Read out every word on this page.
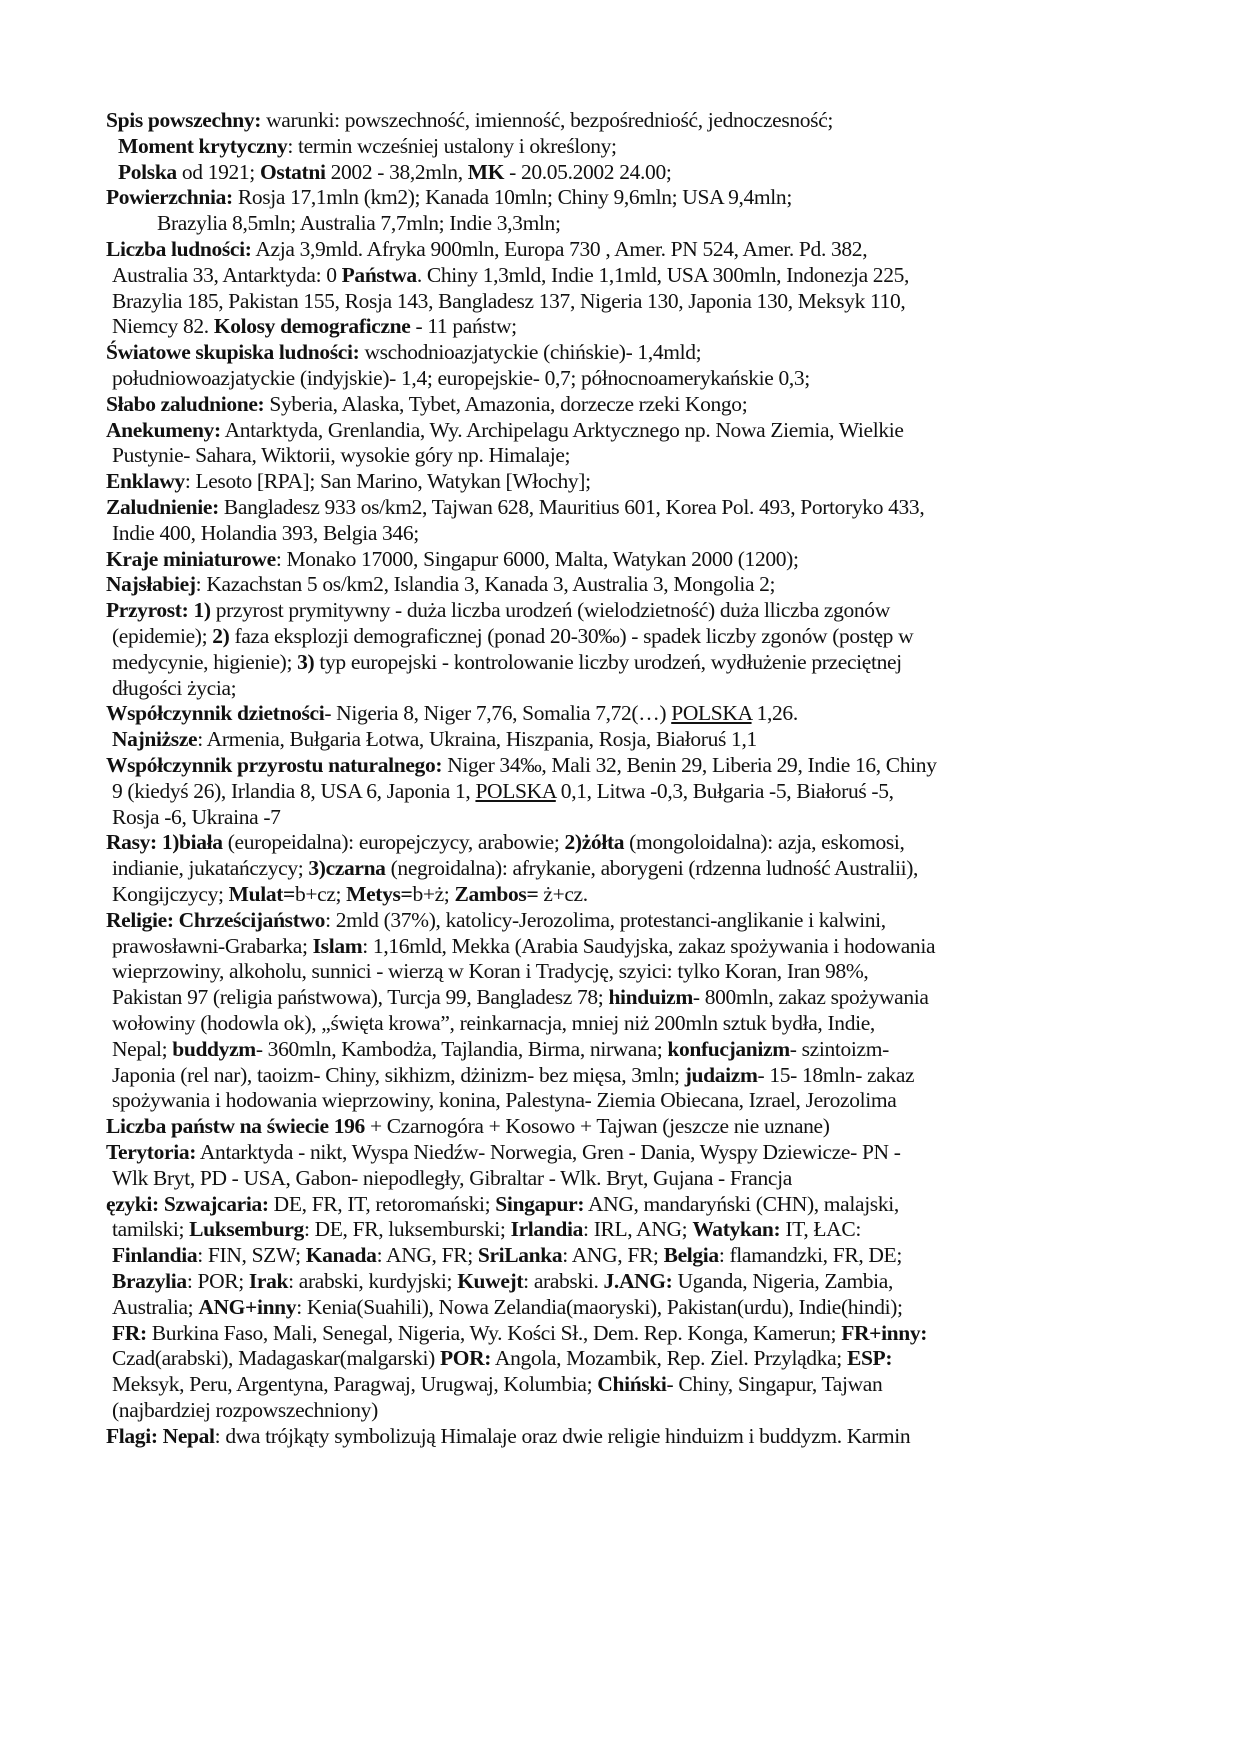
Spis powszechny: warunki: powszechność, imienność, bezpośredniość, jednoczesność;
Moment krytyczny: termin wcześniej ustalony i określony;
Polska od 1921; Ostatni 2002 - 38,2mln, MK - 20.05.2002 24.00;
Powierzchnia: Rosja 17,1mln (km2); Kanada 10mln; Chiny 9,6mln; USA 9,4mln;
Brazylia 8,5mln; Australia 7,7mln; Indie 3,3mln;
Liczba ludności: Azja 3,9mld. Afryka 900mln, Europa 730 , Amer. PN 524, Amer. Pd. 382,
Australia 33, Antarktyda: 0 Państwa. Chiny 1,3mld, Indie 1,1mld, USA 300mln, Indonezja 225,
Brazylia 185, Pakistan 155, Rosja 143, Bangladesz 137, Nigeria 130, Japonia 130, Meksyk 110,
Niemcy 82. Kolosy demograficzne - 11 państw;
Światowe skupiska ludności: wschodnioazjatyckie (chińskie)- 1,4mld;
południowoazjatyckie (indyjskie)- 1,4; europejskie- 0,7; północnoamerykańskie 0,3;
Słabo zaludnione: Syberia, Alaska, Tybet, Amazonia, dorzecze rzeki Kongo;
Anekumeny: Antarktyda, Grenlandia, Wy. Archipelagu Arktycznego np. Nowa Ziemia, Wielkie
Pustynie- Sahara, Wiktorii, wysokie góry np. Himalaje;
Enklawy: Lesoto [RPA]; San Marino, Watykan [Włochy];
Zaludnienie: Bangladesz 933 os/km2, Tajwan 628, Mauritius 601, Korea Pol. 493, Portoryko 433,
Indie 400, Holandia 393, Belgia 346;
Kraje miniaturowe: Monako 17000, Singapur 6000, Malta, Watykan 2000 (1200);
Najsłabiej: Kazachstan 5 os/km2, Islandia 3, Kanada 3, Australia 3, Mongolia 2;
Przyrost: 1) przyrost prymitywny - duża liczba urodzeń (wielodzietność) duża lliczba zgonów
(epidemie); 2) faza eksplozji demograficznej (ponad 20-30‰) - spadek liczby zgonów (postęp w
medycynie, higienie); 3) typ europejski - kontrolowanie liczby urodzeń, wydłużenie przeciętnej
długości życia;
Współczynnik dzietności- Nigeria 8, Niger 7,76, Somalia 7,72(…) POLSKA 1,26.
Najniższe: Armenia, Bułgaria Łotwa, Ukraina, Hiszpania, Rosja, Białoruś 1,1
Współczynnik przyrostu naturalnego: Niger 34‰, Mali 32, Benin 29, Liberia 29, Indie 16, Chiny
9 (kiedyś 26), Irlandia 8, USA 6, Japonia 1, POLSKA 0,1, Litwa -0,3, Bułgaria -5, Białoruś -5,
Rosja -6, Ukraina -7
Rasy: 1)biała (europeidalna): europejczycy, arabowie; 2)żółta (mongoloidalna): azja, eskomosi,
indianie, jukatańczycy; 3)czarna (negroidalna): afrykanie, aborygeni (rdzenna ludność Australii),
Kongijczycy; Mulat=b+cz; Metys=b+ż; Zambos= ż+cz.
Religie: Chrześcijaństwo: 2mld (37%), katolicy-Jerozolima, protestanci-anglikanie i kalwini,
prawosławni-Grabarka; Islam: 1,16mld, Mekka (Arabia Saudyjska, zakaz spożywania i hodowania
wieprzowiny, alkoholu, sunnici - wierzą w Koran i Tradycję, szyici: tylko Koran, Iran 98%,
Pakistan 97 (religia państwowa), Turcja 99, Bangladesz 78; hinduizm- 800mln, zakaz spożywania
wołowiny (hodowla ok), „święta krowa”, reinkarnacja, mniej niż 200mln sztuk bydła, Indie,
Nepal; buddyzm- 360mln, Kambodża, Tajlandia, Birma, nirwana; konfucjanizm- szintoizm-
Japonia (rel nar), taoizm- Chiny, sikhizm, dżinizm- bez mięsa, 3mln; judaizm- 15- 18mln- zakaz
spożywania i hodowania wieprzowiny, konina, Palestyna- Ziemia Obiecana, Izrael, Jerozolima
Liczba państw na świecie 196 + Czarnogóra + Kosowo + Tajwan (jeszcze nie uznane)
Terytoria: Antarktyda - nikt, Wyspa Niedźw- Norwegia, Gren - Dania, Wyspy Dziewicze- PN -
Wlk Bryt, PD - USA, Gabon- niepodległy, Gibraltar - Wlk. Bryt, Gujana - Francja
ęzyki: Szwajcaria: DE, FR, IT, retoromański; Singapur: ANG, mandaryński (CHN), malajski,
tamilski; Luksemburg: DE, FR, luksemburski; Irlandia: IRL, ANG; Watykan: IT, ŁAC:
Finlandia: FIN, SZW; Kanada: ANG, FR; SriLanka: ANG, FR; Belgia: flamandzki, FR, DE;
Brazylia: POR; Irak: arabski, kurdyjski; Kuwejt: arabski. J.ANG: Uganda, Nigeria, Zambia,
Australia; ANG+inny: Kenia(Suahili), Nowa Zelandia(maoryski), Pakistan(urdu), Indie(hindi);
FR: Burkina Faso, Mali, Senegal, Nigeria, Wy. Kości Sł., Dem. Rep. Konga, Kamerun; FR+inny:
Czad(arabski), Madagaskar(malgarski) POR: Angola, Mozambik, Rep. Ziel. Przylądka; ESP:
Meksyk, Peru, Argentyna, Paragwaj, Urugwaj, Kolumbia; Chiński- Chiny, Singapur, Tajwan
(najbardziej rozpowszechniony)
Flagi: Nepal: dwa trójkąty symbolizują Himalaje oraz dwie religie hinduizm i buddyzm. Karmin
